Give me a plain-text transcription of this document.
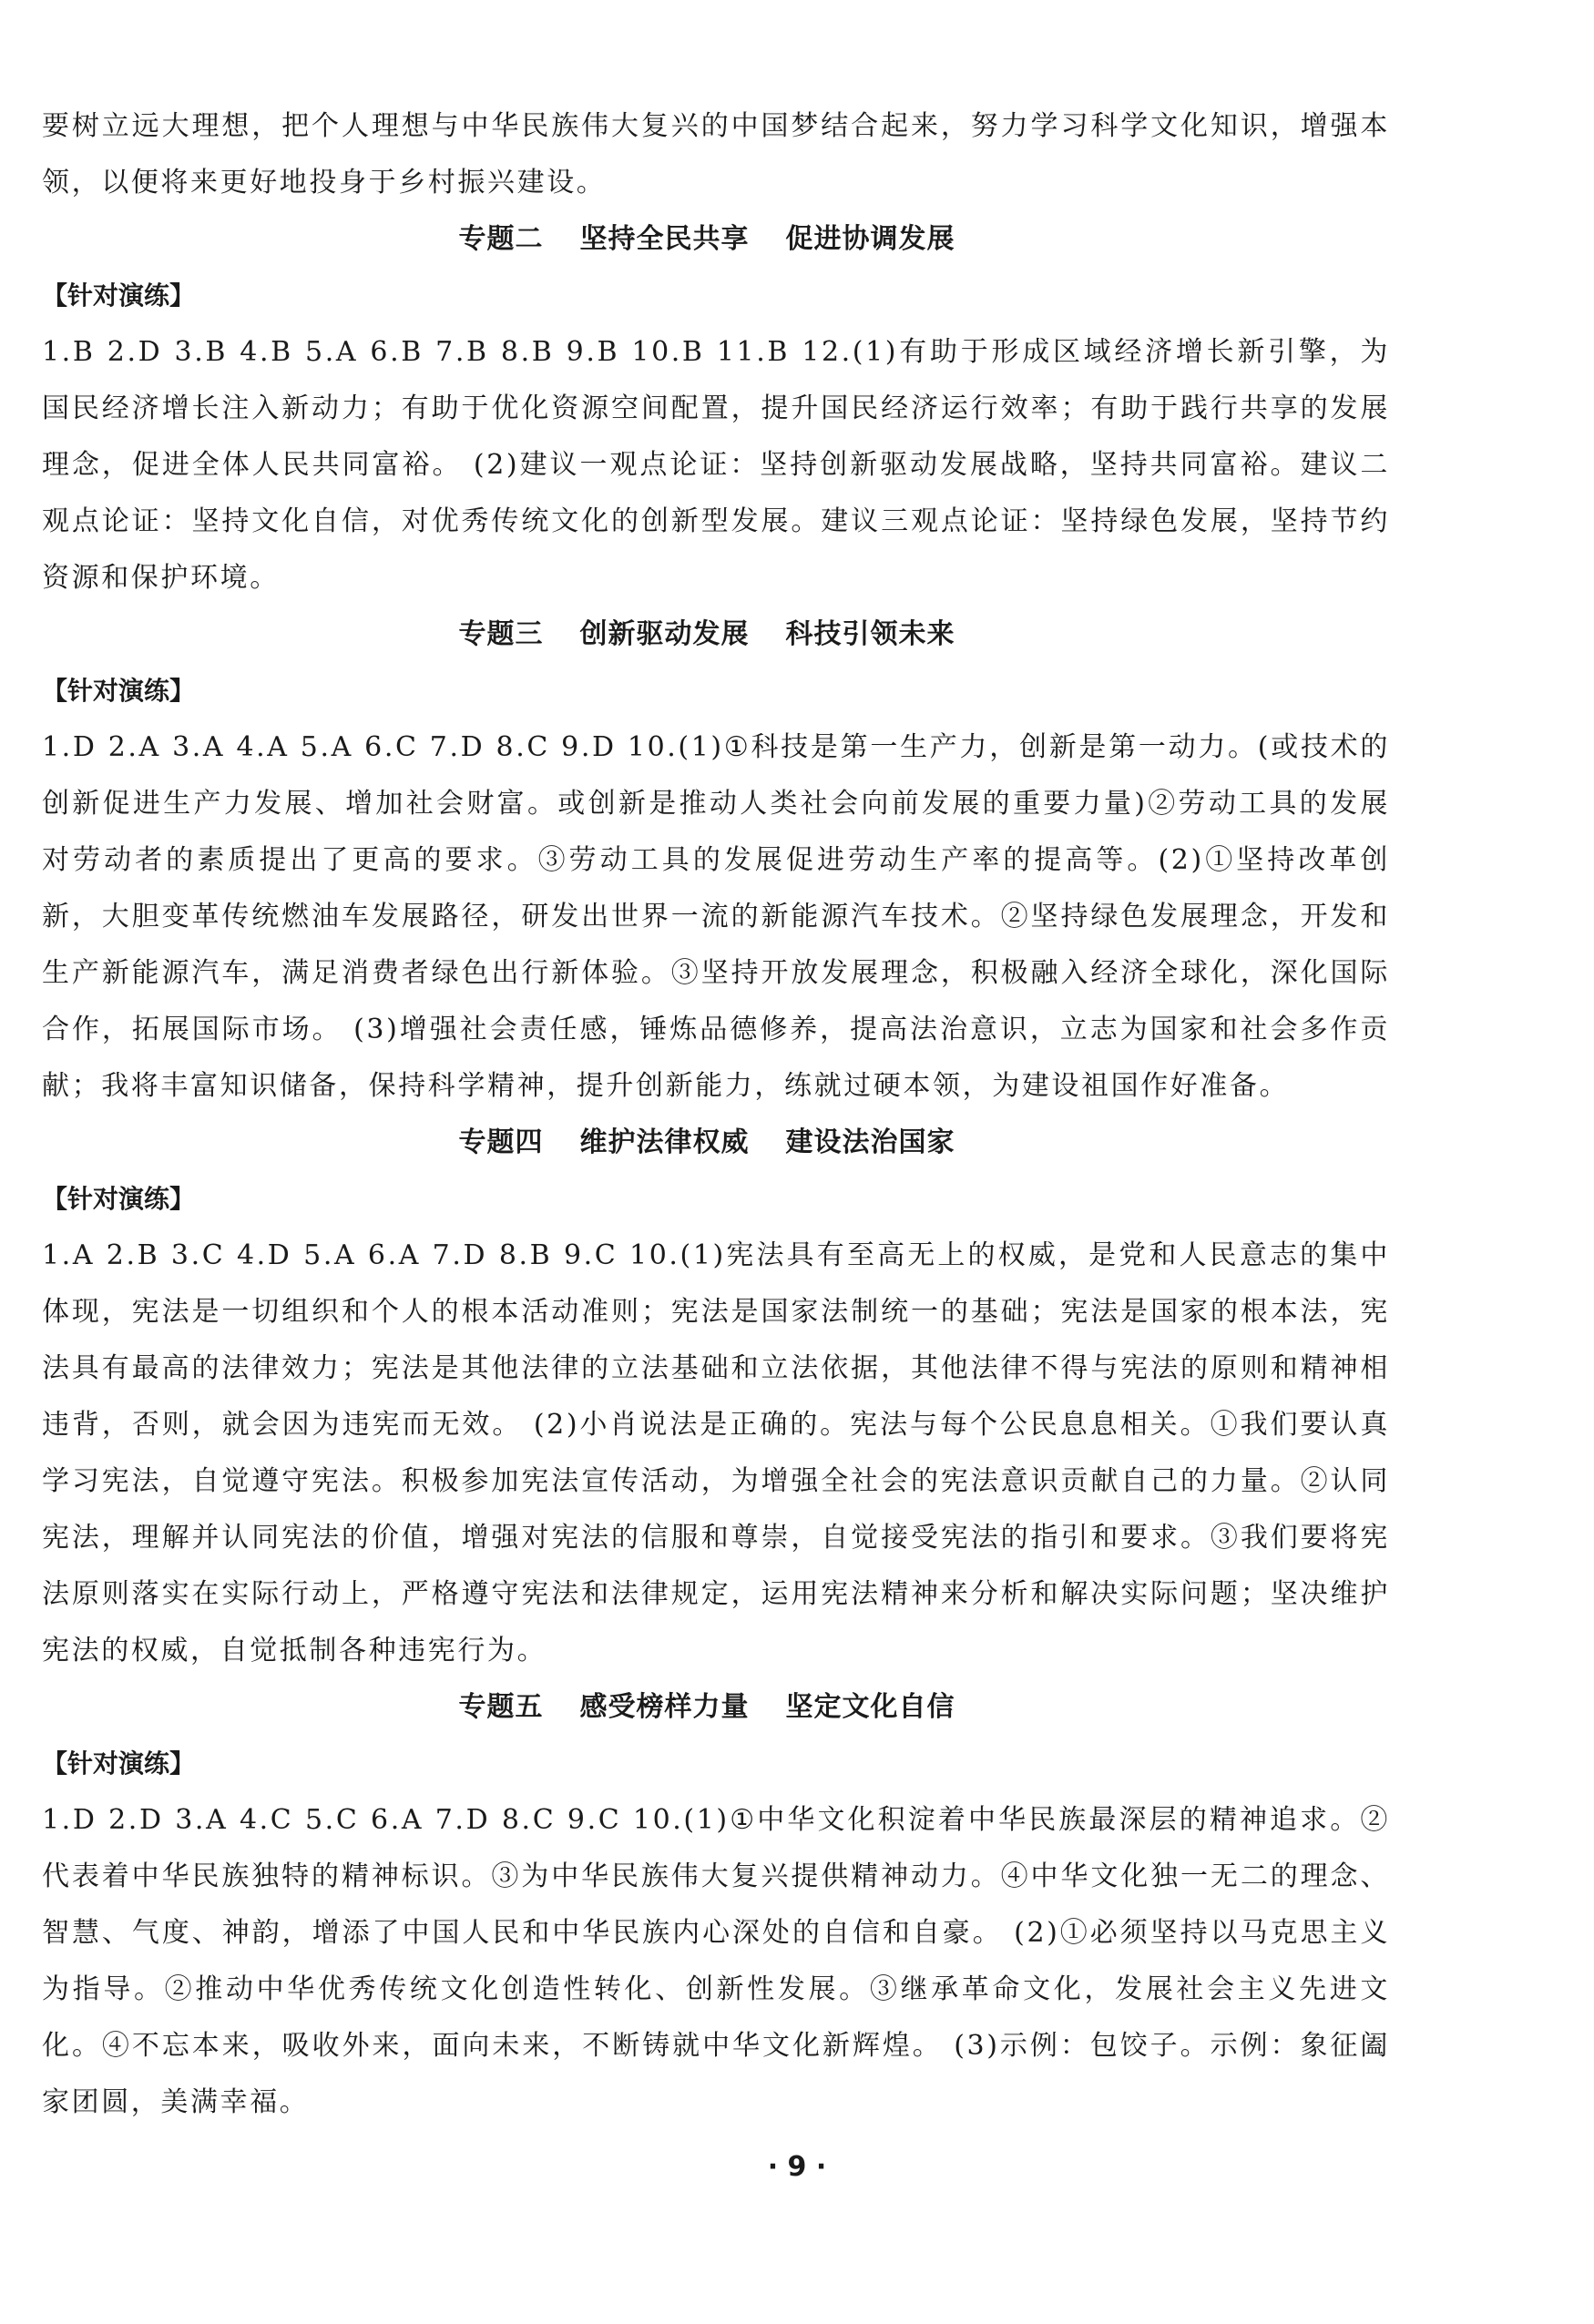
要树立远大理想，把个人理想与中华民族伟大复兴的中国梦结合起来，努力学习科学文化知识，增强本领，以便将来更好地投身于乡村振兴建设。

专题二 坚持全民共享 促进协调发展

【针对演练】

1.B 2.D 3.B 4.B 5.A 6.B 7.B 8.B 9.B 10.B 11.B 12.(1)有助于形成区域经济增长新引擎，为国民经济增长注入新动力；有助于优化资源空间配置，提升国民经济运行效率；有助于践行共享的发展理念，促进全体人民共同富裕。 (2)建议一观点论证：坚持创新驱动发展战略，坚持共同富裕。建议二观点论证：坚持文化自信，对优秀传统文化的创新型发展。建议三观点论证：坚持绿色发展，坚持节约资源和保护环境。

专题三 创新驱动发展 科技引领未来

【针对演练】

1.D 2.A 3.A 4.A 5.A 6.C 7.D 8.C 9.D 10.(1)①科技是第一生产力，创新是第一动力。(或技术的创新促进生产力发展、增加社会财富。或创新是推动人类社会向前发展的重要力量)②劳动工具的发展对劳动者的素质提出了更高的要求。③劳动工具的发展促进劳动生产率的提高等。(2)①坚持改革创新，大胆变革传统燃油车发展路径，研发出世界一流的新能源汽车技术。②坚持绿色发展理念，开发和生产新能源汽车，满足消费者绿色出行新体验。③坚持开放发展理念，积极融入经济全球化，深化国际合作，拓展国际市场。 (3)增强社会责任感，锤炼品德修养，提高法治意识，立志为国家和社会多作贡献；我将丰富知识储备，保持科学精神，提升创新能力，练就过硬本领，为建设祖国作好准备。

专题四 维护法律权威 建设法治国家

【针对演练】

1.A 2.B 3.C 4.D 5.A 6.A 7.D 8.B 9.C 10.(1)宪法具有至高无上的权威，是党和人民意志的集中体现，宪法是一切组织和个人的根本活动准则；宪法是国家法制统一的基础；宪法是国家的根本法，宪法具有最高的法律效力；宪法是其他法律的立法基础和立法依据，其他法律不得与宪法的原则和精神相违背，否则，就会因为违宪而无效。 (2)小肖说法是正确的。宪法与每个公民息息相关。①我们要认真学习宪法，自觉遵守宪法。积极参加宪法宣传活动，为增强全社会的宪法意识贡献自己的力量。②认同宪法，理解并认同宪法的价值，增强对宪法的信服和尊崇，自觉接受宪法的指引和要求。③我们要将宪法原则落实在实际行动上，严格遵守宪法和法律规定，运用宪法精神来分析和解决实际问题；坚决维护宪法的权威，自觉抵制各种违宪行为。

专题五 感受榜样力量 坚定文化自信

【针对演练】

1.D 2.D 3.A 4.C 5.C 6.A 7.D 8.C 9.C 10.(1)①中华文化积淀着中华民族最深层的精神追求。②代表着中华民族独特的精神标识。③为中华民族伟大复兴提供精神动力。④中华文化独一无二的理念、智慧、气度、神韵，增添了中国人民和中华民族内心深处的自信和自豪。 (2)①必须坚持以马克思主义为指导。②推动中华优秀传统文化创造性转化、创新性发展。③继承革命文化，发展社会主义先进文化。④不忘本来，吸收外来，面向未来，不断铸就中华文化新辉煌。 (3)示例：包饺子。示例：象征阖家团圆，美满幸福。

· 9 ·
